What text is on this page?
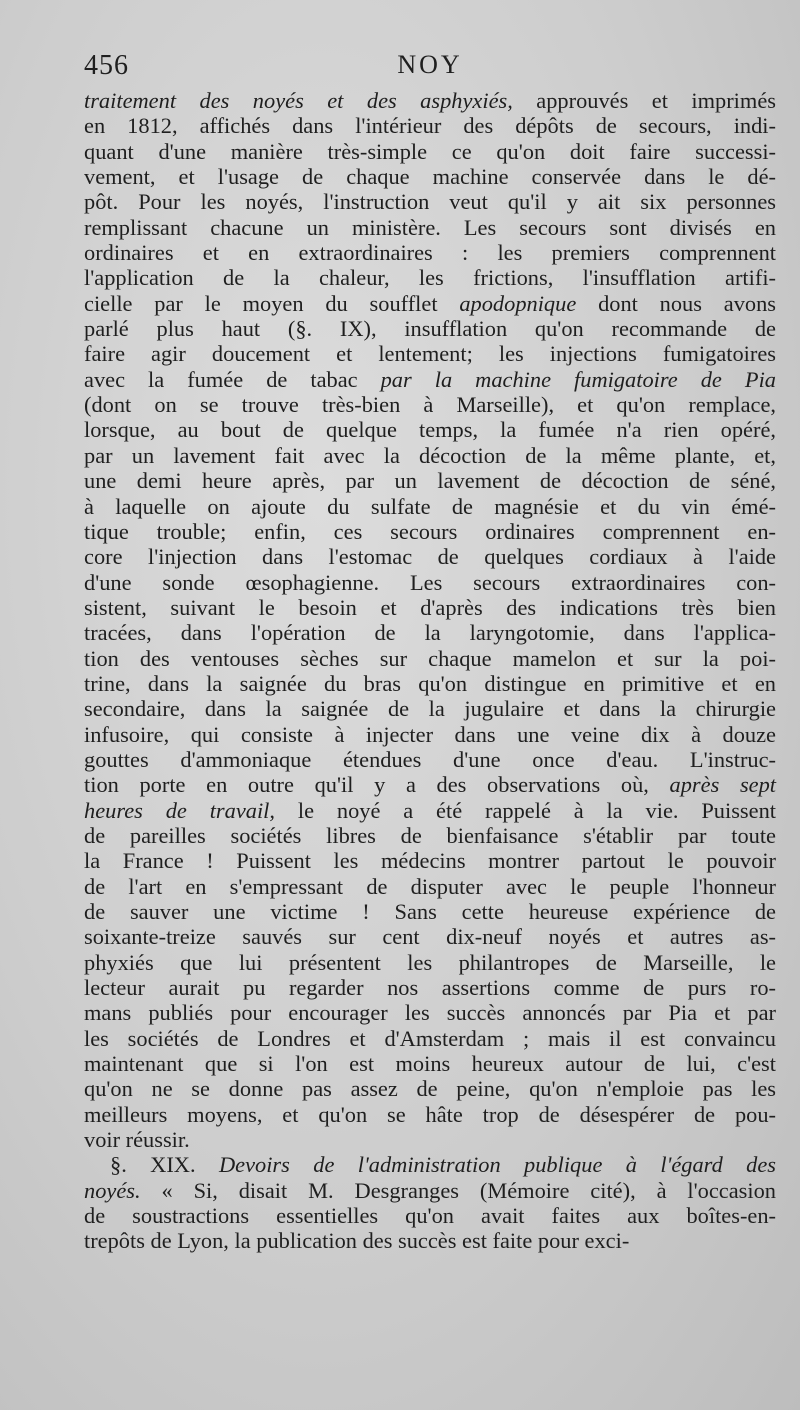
456	NOY
traitement des noyés et des asphyxiés, approuvés et imprimés
en 1812, affichés dans l'intérieur des dépôts de secours, indi-
quant d'une manière très-simple ce qu'on doit faire successi-
vement, et l'usage de chaque machine conservée dans le dé-
pôt. Pour les noyés, l'instruction veut qu'il y ait six personnes
remplissant chacune un ministère. Les secours sont divisés en
ordinaires et en extraordinaires : les premiers comprennent
l'application de la chaleur, les frictions, l'insufflation artifi-
cielle par le moyen du soufflet apodopnique dont nous avons
parlé plus haut (§. IX), insufflation qu'on recommande de
faire agir doucement et lentement; les injections fumigatoires
avec la fumée de tabac par la machine fumigatoire de Pia
(dont on se trouve très-bien à Marseille), et qu'on remplace,
lorsque, au bout de quelque temps, la fumée n'a rien opéré,
par un lavement fait avec la décoction de la même plante, et,
une demi heure après, par un lavement de décoction de séné,
à laquelle on ajoute du sulfate de magnésie et du vin émé-
tique trouble; enfin, ces secours ordinaires comprennent en-
core l'injection dans l'estomac de quelques cordiaux à l'aide
d'une sonde œsophagienne. Les secours extraordinaires con-
sistent, suivant le besoin et d'après des indications très bien
tracées, dans l'opération de la laryngotomie, dans l'applica-
tion des ventouses sèches sur chaque mamelon et sur la poi-
trine, dans la saignée du bras qu'on distingue en primitive et en
secondaire, dans la saignée de la jugulaire et dans la chirurgie
infusoire, qui consiste à injecter dans une veine dix à douze
gouttes d'ammoniaque étendues d'une once d'eau. L'instruc-
tion porte en outre qu'il y a des observations où, après sept
heures de travail, le noyé a été rappelé à la vie. Puissent
de pareilles sociétés libres de bienfaisance s'établir par toute
la France ! Puissent les médecins montrer partout le pouvoir
de l'art en s'empressant de disputer avec le peuple l'honneur
de sauver une victime ! Sans cette heureuse expérience de
soixante-treize sauvés sur cent dix-neuf noyés et autres as-
phyxiés que lui présentent les philantropes de Marseille, le
lecteur aurait pu regarder nos assertions comme de purs ro-
mans publiés pour encourager les succès annoncés par Pia et par
les sociétés de Londres et d'Amsterdam ; mais il est convaincu
maintenant que si l'on est moins heureux autour de lui, c'est
qu'on ne se donne pas assez de peine, qu'on n'emploie pas les
meilleurs moyens, et qu'on se hâte trop de désespérer de pou-
voir réussir.
§. XIX. Devoirs de l'administration publique à l'égard des
noyés. « Si, disait M. Desgranges (Mémoire cité), à l'occasion
de soustractions essentielles qu'on avait faites aux boîtes-en-
trepôts de Lyon, la publication des succès est faite pour exci-
